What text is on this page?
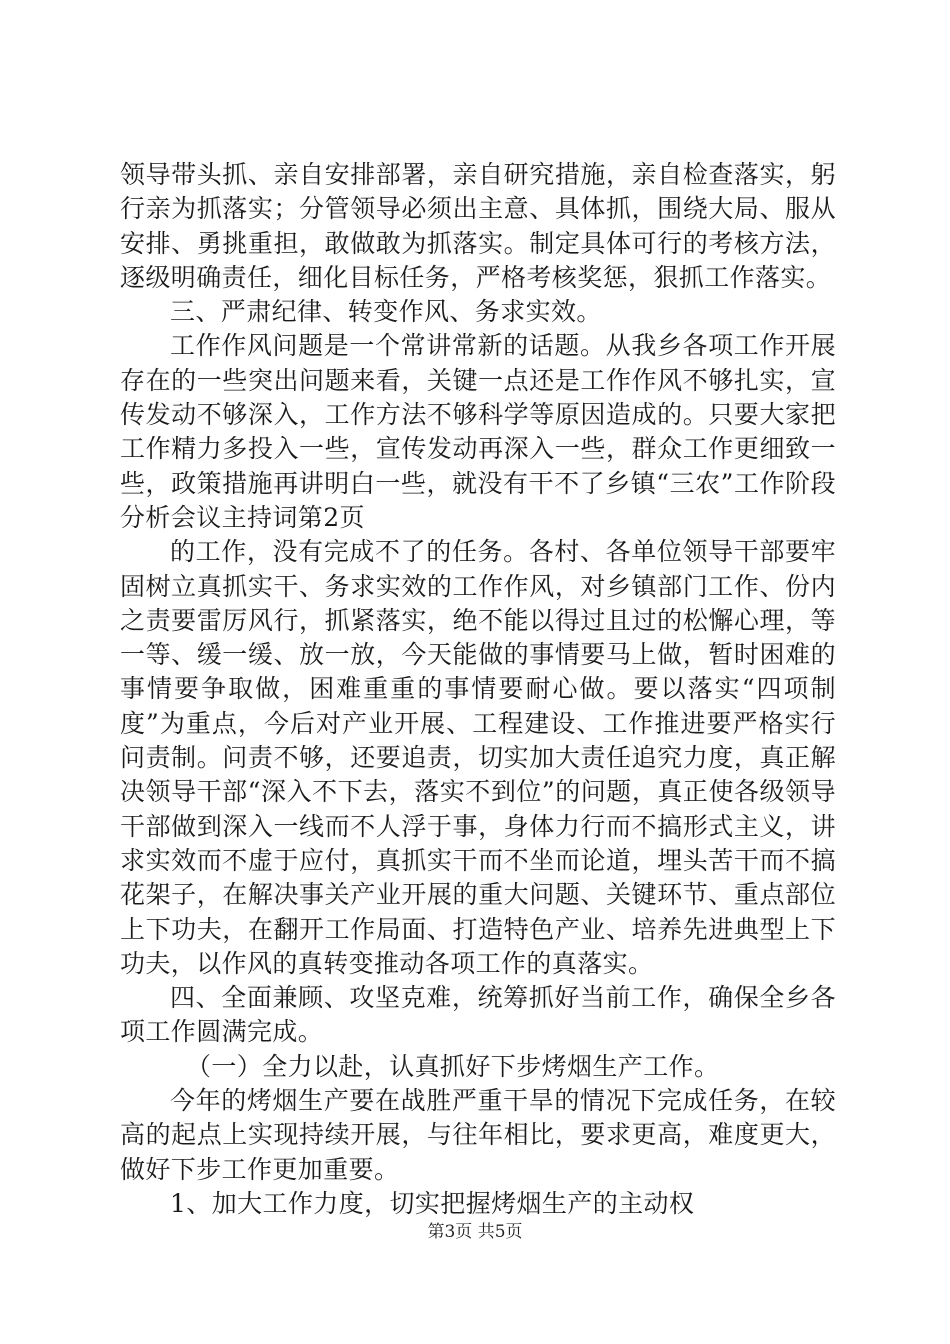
领导带头抓、亲自安排部署，亲自研究措施，亲自检查落实，躬行亲为抓落实；分管领导必须出主意、具体抓，围绕大局、服从安排、勇挑重担，敢做敢为抓落实。制定具体可行的考核方法，逐级明确责任，细化目标任务，严格考核奖惩，狠抓工作落实。

三、严肃纪律、转变作风、务求实效。

工作作风问题是一个常讲常新的话题。从我乡各项工作开展存在的一些突出问题来看，关键一点还是工作作风不够扎实，宣传发动不够深入，工作方法不够科学等原因造成的。只要大家把工作精力多投入一些，宣传发动再深入一些，群众工作更细致一些，政策措施再讲明白一些，就没有干不了乡镇“三农”工作阶段分析会议主持词第2页

的工作，没有完成不了的任务。各村、各单位领导干部要牢固树立真抓实干、务求实效的工作作风，对乡镇部门工作、份内之责要雷厉风行，抓紧落实，绝不能以得过且过的松懈心理，等一等、缓一缓、放一放，今天能做的事情要马上做，暂时困难的事情要争取做，困难重重的事情要耐心做。要以落实“四项制度”为重点，今后对产业开展、工程建设、工作推进要严格实行问责制。问责不够，还要追责，切实加大责任追究力度，真正解决领导干部“深入不下去，落实不到位”的问题，真正使各级领导干部做到深入一线而不人浮于事，身体力行而不搞形式主义，讲求实效而不虚于应付，真抓实干而不坐而论道，埋头苦干而不搞花架子，在解决事关产业开展的重大问题、关键环节、重点部位上下功夫，在翻开工作局面、打造特色产业、培养先进典型上下功夫，以作风的真转变推动各项工作的真落实。

四、全面兼顾、攻坚克难，统筹抓好当前工作，确保全乡各项工作圆满完成。

（一）全力以赴，认真抓好下步烤烟生产工作。

今年的烤烟生产要在战胜严重干旱的情况下完成任务，在较高的起点上实现持续开展，与往年相比，要求更高，难度更大，做好下步工作更加重要。

1、加大工作力度，切实把握烤烟生产的主动权

第3页 共5页
